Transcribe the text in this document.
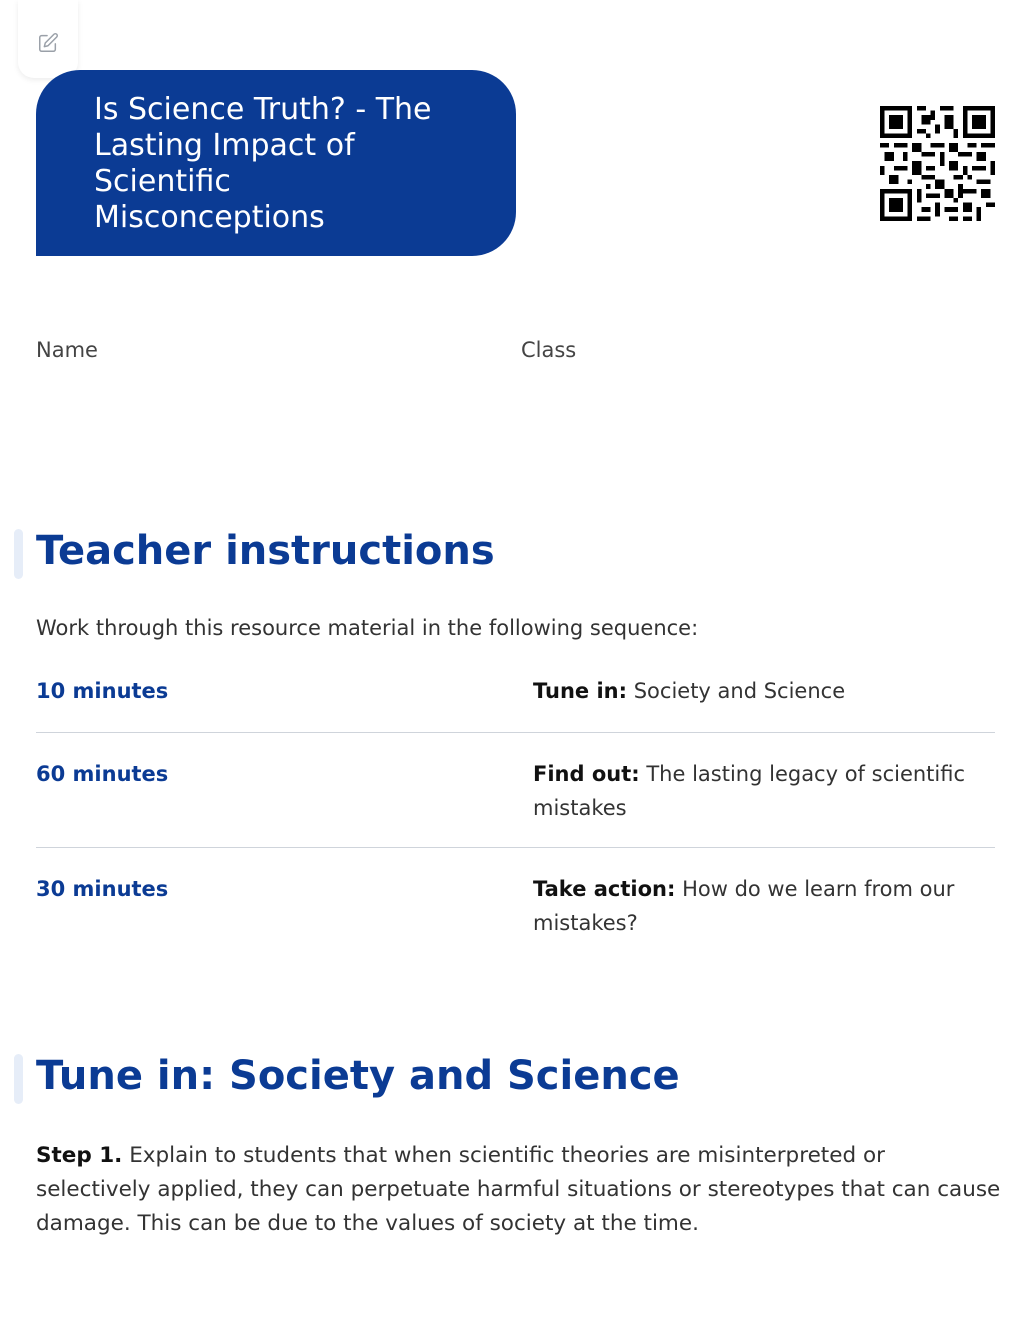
Is Science Truth? - The Lasting Impact of Scientific Misconceptions
Name	Class
Teacher instructions

Work through this resource material in the following sequence:

10 minutes	Tune in: Society and Science
60 minutes	Find out: The lasting legacy of scientific mistakes
30 minutes	Take action: How do we learn from our mistakes?
Tune in: Society and Science

Step 1. Explain to students that when scientific theories are misinterpreted or selectively applied, they can perpetuate harmful situations or stereotypes that can cause damage. This can be due to the values of society at the time.
